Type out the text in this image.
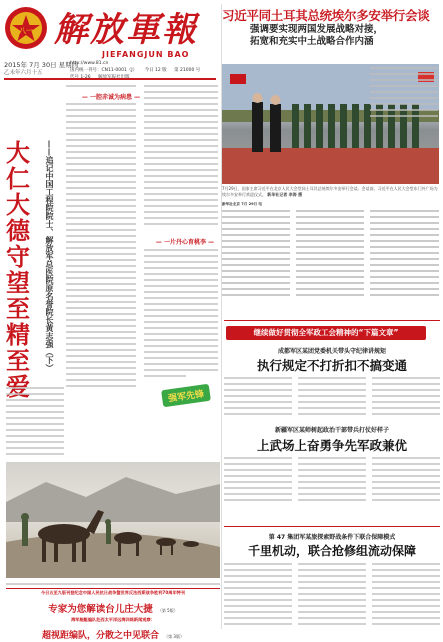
八一 解放軍報
JIEFANGJUN BAO
2015年 7月 30日 星期四
乙未年六月十五
http://www.81.cn
国内统一刊号：CN11-0001（J） 今日 12 版 第 21000 号

习近平同土耳其总统埃尔多安举行会谈
强调要实现两国发展战略对接，
拓宽和充实中土战略合作内涵
7月29日，国家主席习近平在北京人民大会堂同土耳其总统埃尔多安举行会谈。会谈前，习近平在人民大会堂东门外广场为埃尔多安举行欢迎仪式。 新华社记者 李涛 摄
新华社北京 7月 29日 电
大仁大德守望至精至爱
——追记中国工程院院士、解放军总医院原名誉院长黄志强（下）
— 一腔赤诚为病患 —
— 一片丹心育桃李 —
强军先锋
今日五至九版刊登纪念中国人民抗日战争暨世界反法西斯战争胜利70周年特刊
专家为您解读台儿庄大捷 （第 5版）
海军舰艇编队赴西太平洋远海训练新闻观察：
超视距编队，分散之中见联合 （第 3版）
继续做好贯彻全军政工会精神的“下篇文章”
成都军区某团党委机关带头守纪律讲规矩
执行规定不打折扣不搞变通
新疆军区某师树起政治干部带兵打仗好样子
上武场上奋勇争先军政兼优
第 47 集团军某旅探索野战条件下联合保障模式
千里机动，联合抢修组流动保障
